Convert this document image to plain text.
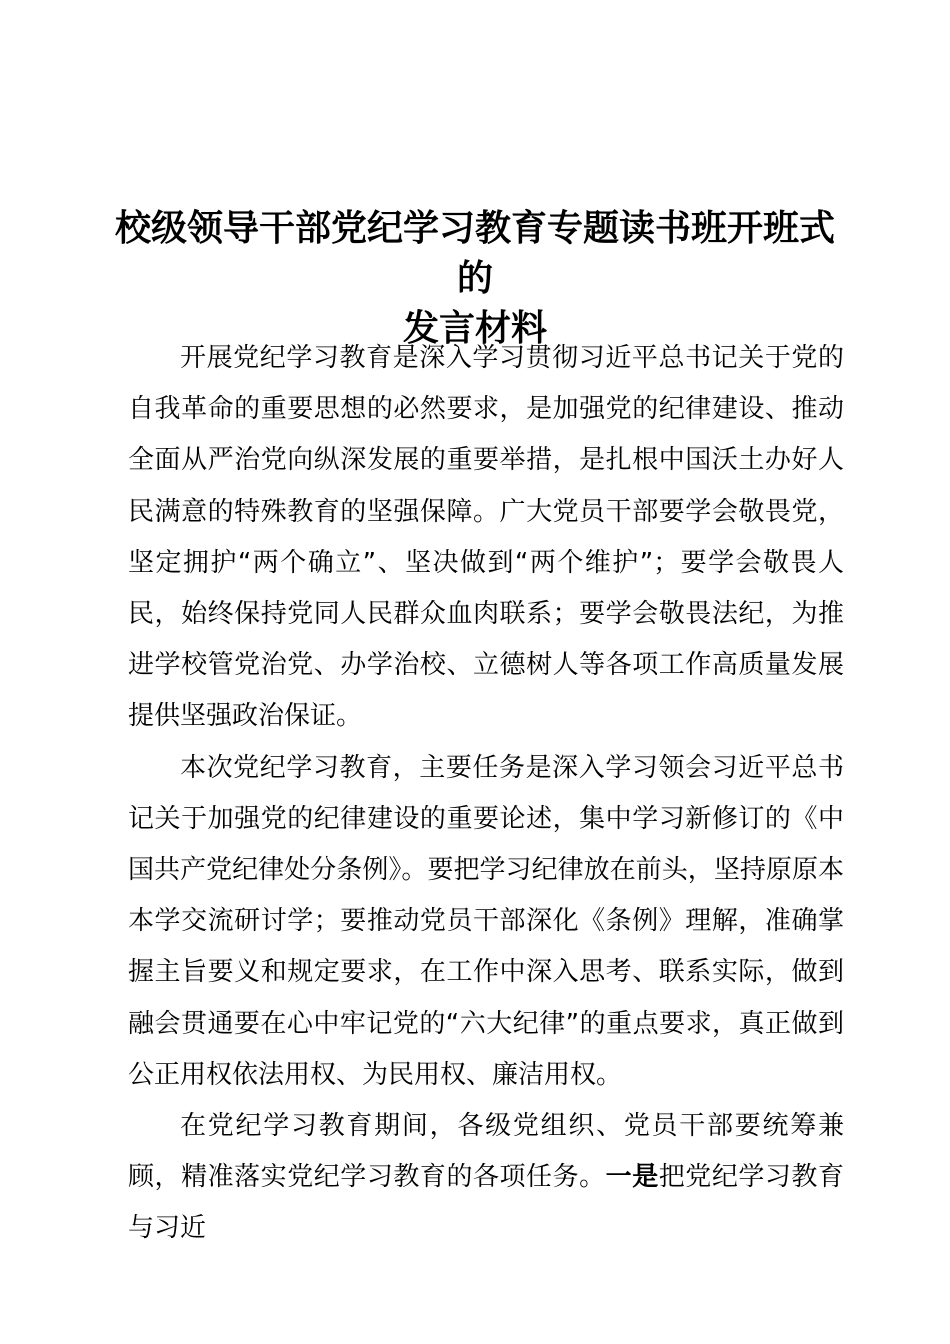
校级领导干部党纪学习教育专题读书班开班式的
发言材料

开展党纪学习教育是深入学习贯彻习近平总书记关于党的自我革命的重要思想的必然要求，是加强党的纪律建设、推动全面从严治党向纵深发展的重要举措，是扎根中国沃土办好人民满意的特殊教育的坚强保障。广大党员干部要学会敬畏党，坚定拥护“两个确立”、坚决做到“两个维护”；要学会敬畏人民，始终保持党同人民群众血肉联系；要学会敬畏法纪，为推进学校管党治党、办学治校、立德树人等各项工作高质量发展提供坚强政治保证。

本次党纪学习教育，主要任务是深入学习领会习近平总书记关于加强党的纪律建设的重要论述，集中学习新修订的《中国共产党纪律处分条例》。要把学习纪律放在前头，坚持原原本本学交流研讨学；要推动党员干部深化《条例》理解，准确掌握主旨要义和规定要求，在工作中深入思考、联系实际，做到融会贯通要在心中牢记党的“六大纪律”的重点要求，真正做到公正用权依法用权、为民用权、廉洁用权。

在党纪学习教育期间，各级党组织、党员干部要统筹兼顾，精准落实党纪学习教育的各项任务。一是把党纪学习教育与习近
